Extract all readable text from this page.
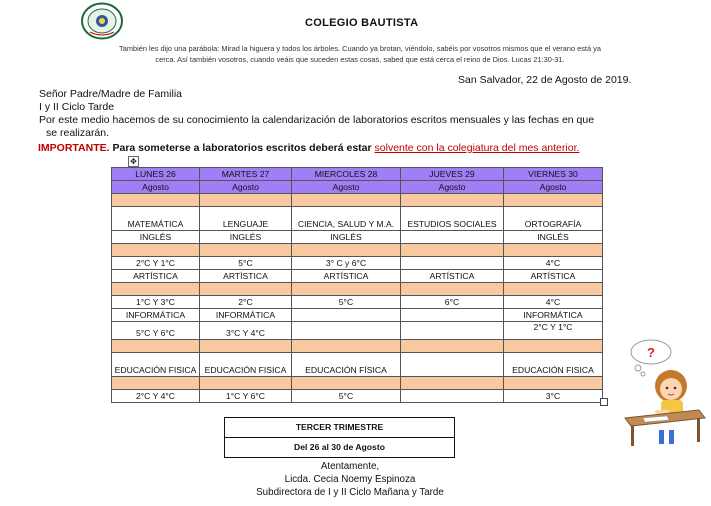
COLEGIO BAUTISTA
También les dijo una parábola: Mirad la higuera y todos los árboles. Cuando ya brotan, viéndolo, sabéis por vosotros mismos que el verano está ya
cerca. Así también vosotros, cuando veáis que suceden estas cosas, sabed que está cerca el reino de Dios. Lucas 21:30-31.
San Salvador, 22 de Agosto de 2019.
Señor Padre/Madre de Familia
I y II Ciclo Tarde
Por este medio hacemos de su conocimiento la calendarización de laboratorios escritos mensuales y las fechas en que
se realizarán.
IMPORTANTE. Para someterse a laboratorios escritos deberá estar solvente con la colegiatura del mes anterior.
✥
LUNES 26	MARTES 27	MIERCOLES 28	JUEVES 29	VIERNES 30
Agosto	Agosto	Agosto	Agosto	Agosto

MATEMÁTICA	LENGUAJE	CIENCIA, SALUD Y M.A.	ESTUDIOS SOCIALES	ORTOGRAFÍA
INGLÉS	INGLÉS	INGLÉS		INGLÉS

2°C Y 1°C	5°C	3° C y 6°C		4°C
ARTÍSTICA	ARTÍSTICA	ARTÍSTICA	ARTÍSTICA	ARTÍSTICA

1°C Y 3°C	2°C	5°C	6°C	4°C
INFORMÁTICA	INFORMÁTICA			INFORMÁTICA
5°C Y 6°C	3°C Y 4°C			2°C Y 1°C

EDUCACIÓN FISICA	EDUCACIÓN FISICA	EDUCACIÓN FÍSICA		EDUCACIÓN FISICA

2°C Y 4°C	1°C Y 6°C	5°C		3°C
TERCER TRIMESTRE
Del 26 al 30 de Agosto
Atentamente,
Licda. Cecia Noemy Espinoza
Subdirectora de I y II Ciclo Mañana y Tarde
?
